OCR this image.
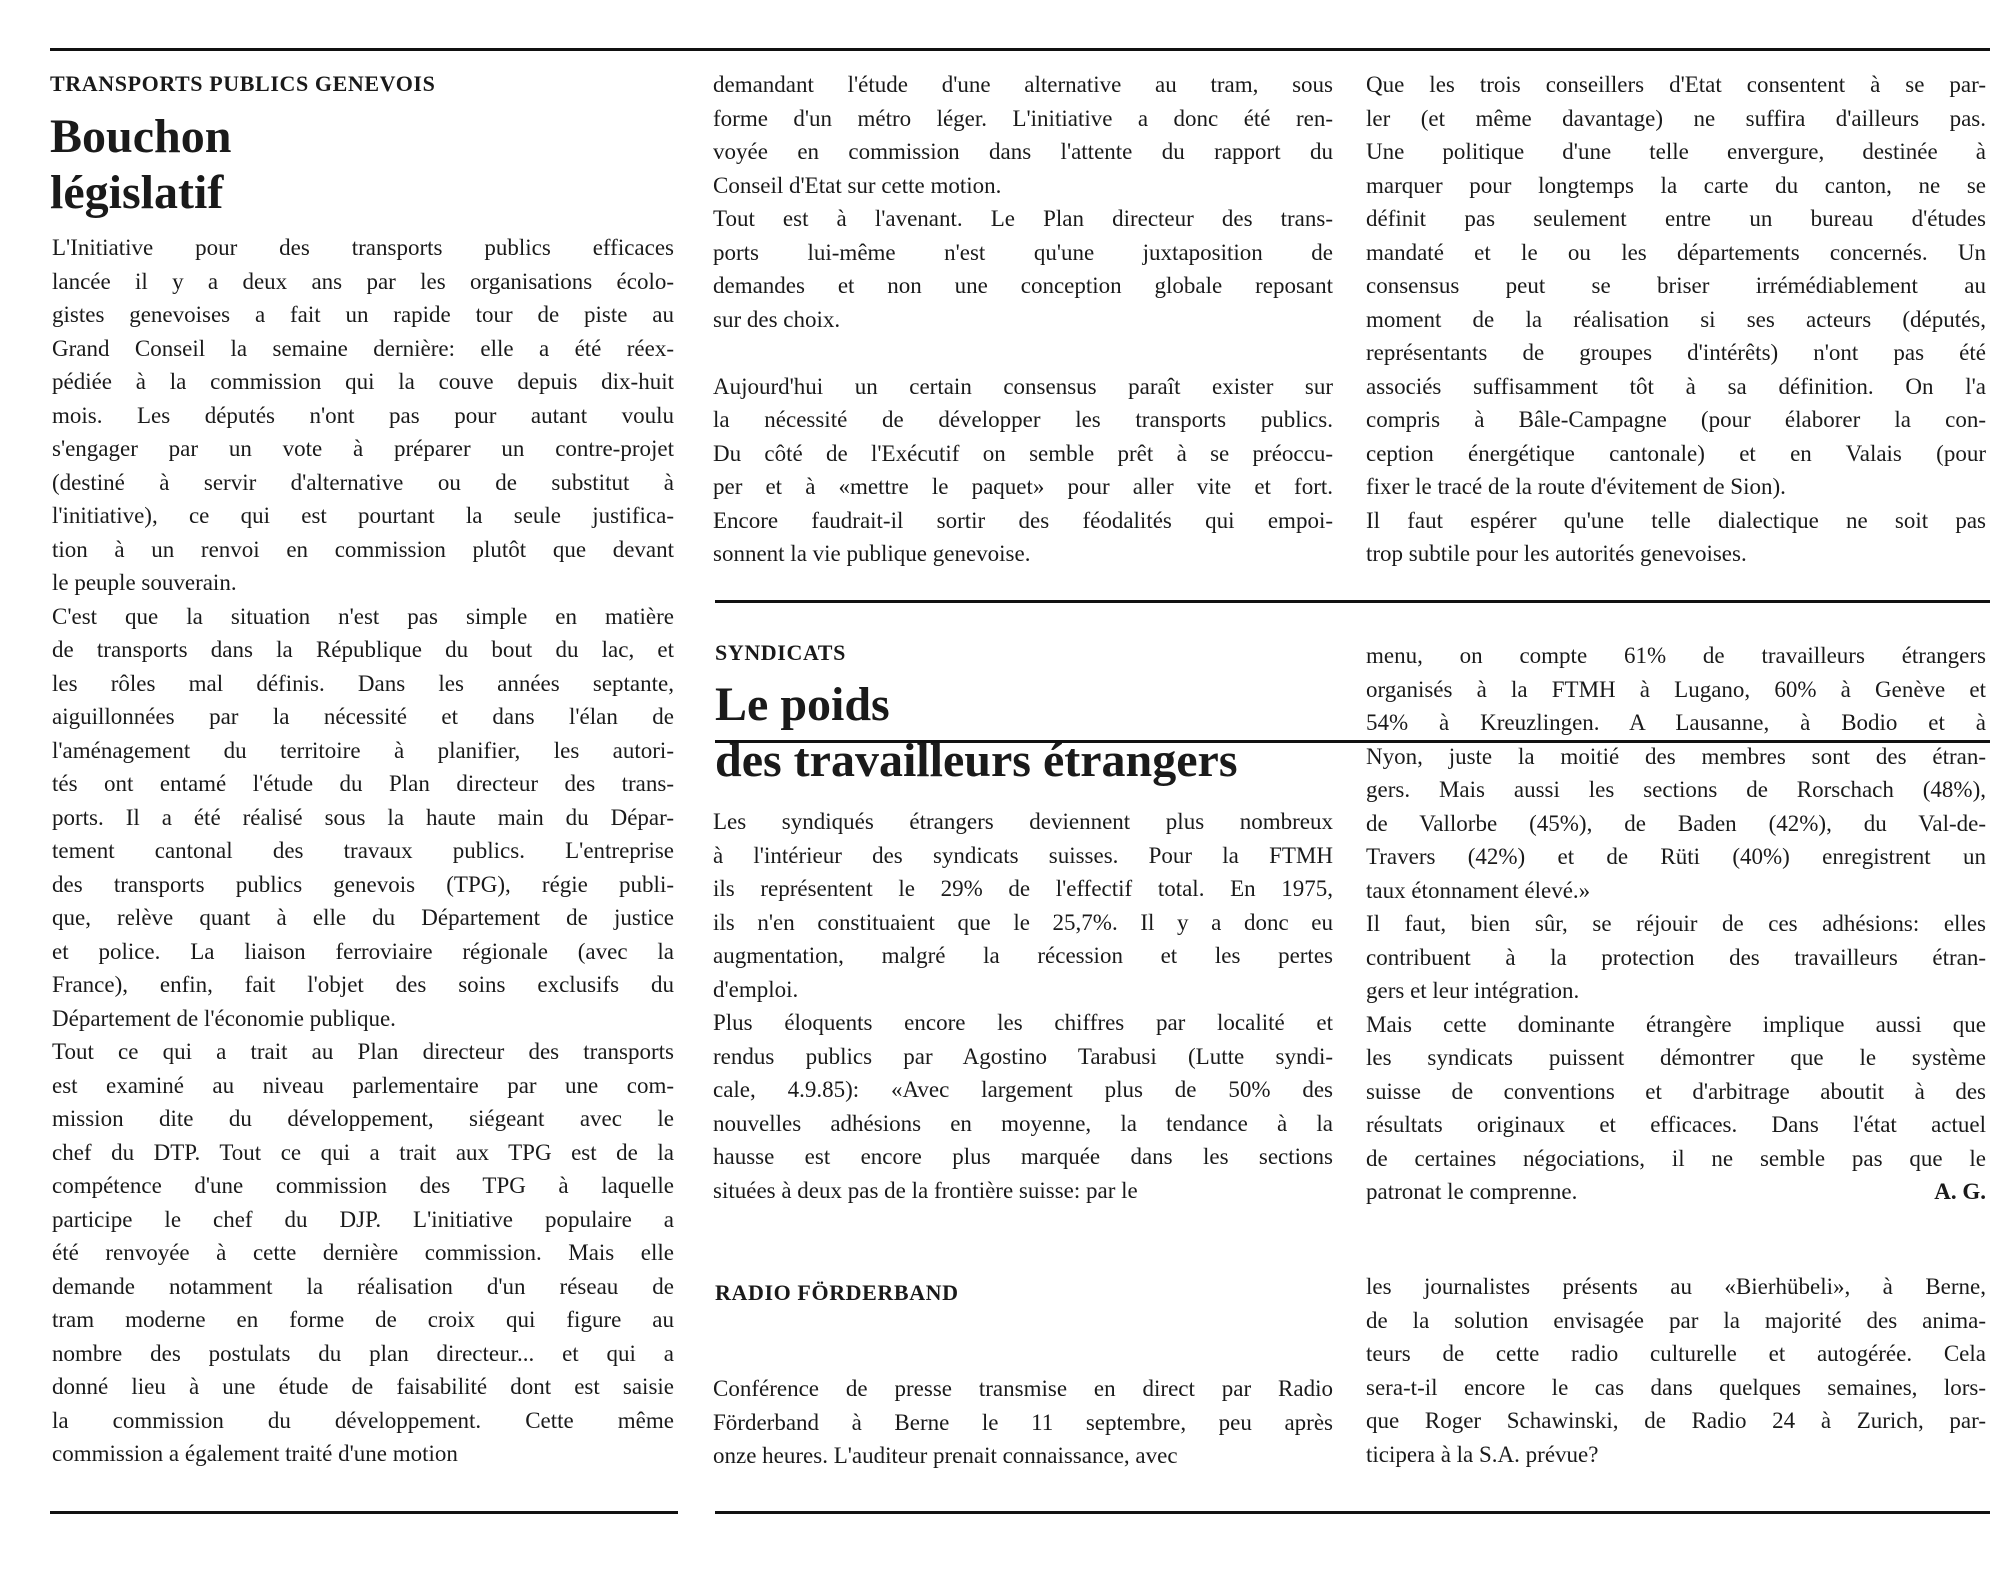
TRANSPORTS PUBLICS GENEVOIS
Bouchon
législatif
L'Initiative pour des transports publics efficaces
lancée il y a deux ans par les organisations écolo-
gistes genevoises a fait un rapide tour de piste au
Grand Conseil la semaine dernière: elle a été réex-
pédiée à la commission qui la couve depuis dix-huit
mois. Les députés n'ont pas pour autant voulu
s'engager par un vote à préparer un contre-projet
(destiné à servir d'alternative ou de substitut à
l'initiative), ce qui est pourtant la seule justifica-
tion à un renvoi en commission plutôt que devant
le peuple souverain.
C'est que la situation n'est pas simple en matière
de transports dans la République du bout du lac, et
les rôles mal définis. Dans les années septante,
aiguillonnées par la nécessité et dans l'élan de
l'aménagement du territoire à planifier, les autori-
tés ont entamé l'étude du Plan directeur des trans-
ports. Il a été réalisé sous la haute main du Dépar-
tement cantonal des travaux publics. L'entreprise
des transports publics genevois (TPG), régie publi-
que, relève quant à elle du Département de justice
et police. La liaison ferroviaire régionale (avec la
France), enfin, fait l'objet des soins exclusifs du
Département de l'économie publique.
Tout ce qui a trait au Plan directeur des transports
est examiné au niveau parlementaire par une com-
mission dite du développement, siégeant avec le
chef du DTP. Tout ce qui a trait aux TPG est de la
compétence d'une commission des TPG à laquelle
participe le chef du DJP. L'initiative populaire a
été renvoyée à cette dernière commission. Mais elle
demande notamment la réalisation d'un réseau de
tram moderne en forme de croix qui figure au
nombre des postulats du plan directeur... et qui a
donné lieu à une étude de faisabilité dont est saisie
la commission du développement. Cette même
commission a également traité d'une motion
demandant l'étude d'une alternative au tram, sous
forme d'un métro léger. L'initiative a donc été ren-
voyée en commission dans l'attente du rapport du
Conseil d'Etat sur cette motion.
Tout est à l'avenant. Le Plan directeur des trans-
ports lui-même n'est qu'une juxtaposition de
demandes et non une conception globale reposant
sur des choix.
Aujourd'hui un certain consensus paraît exister sur
la nécessité de développer les transports publics.
Du côté de l'Exécutif on semble prêt à se préoccu-
per et à «mettre le paquet» pour aller vite et fort.
Encore faudrait-il sortir des féodalités qui empoi-
sonnent la vie publique genevoise.
Que les trois conseillers d'Etat consentent à se par-
ler (et même davantage) ne suffira d'ailleurs pas.
Une politique d'une telle envergure, destinée à
marquer pour longtemps la carte du canton, ne se
définit pas seulement entre un bureau d'études
mandaté et le ou les départements concernés. Un
consensus peut se briser irrémédiablement au
moment de la réalisation si ses acteurs (députés,
représentants de groupes d'intérêts) n'ont pas été
associés suffisamment tôt à sa définition. On l'a
compris à Bâle-Campagne (pour élaborer la con-
ception énergétique cantonale) et en Valais (pour
fixer le tracé de la route d'évitement de Sion).
Il faut espérer qu'une telle dialectique ne soit pas
trop subtile pour les autorités genevoises.
SYNDICATS
Le poids
des travailleurs étrangers
Les syndiqués étrangers deviennent plus nombreux
à l'intérieur des syndicats suisses. Pour la FTMH
ils représentent le 29% de l'effectif total. En 1975,
ils n'en constituaient que le 25,7%. Il y a donc eu
augmentation, malgré la récession et les pertes
d'emploi.
Plus éloquents encore les chiffres par localité et
rendus publics par Agostino Tarabusi (Lutte syndi-
cale, 4.9.85): «Avec largement plus de 50% des
nouvelles adhésions en moyenne, la tendance à la
hausse est encore plus marquée dans les sections
situées à deux pas de la frontière suisse: par le
menu, on compte 61% de travailleurs étrangers
organisés à la FTMH à Lugano, 60% à Genève et
54% à Kreuzlingen. A Lausanne, à Bodio et à
Nyon, juste la moitié des membres sont des étran-
gers. Mais aussi les sections de Rorschach (48%),
de Vallorbe (45%), de Baden (42%), du Val-de-
Travers (42%) et de Rüti (40%) enregistrent un
taux étonnament élevé.»
Il faut, bien sûr, se réjouir de ces adhésions: elles
contribuent à la protection des travailleurs étran-
gers et leur intégration.
Mais cette dominante étrangère implique aussi que
les syndicats puissent démontrer que le système
suisse de conventions et d'arbitrage aboutit à des
résultats originaux et efficaces. Dans l'état actuel
de certaines négociations, il ne semble pas que le
patronat le comprenne.	A. G.
RADIO FÖRDERBAND
Conférence de presse transmise en direct par Radio
Förderband à Berne le 11 septembre, peu après
onze heures. L'auditeur prenait connaissance, avec
les journalistes présents au «Bierhübeli», à Berne,
de la solution envisagée par la majorité des anima-
teurs de cette radio culturelle et autogérée. Cela
sera-t-il encore le cas dans quelques semaines, lors-
que Roger Schawinski, de Radio 24 à Zurich, par-
ticipera à la S.A. prévue?
